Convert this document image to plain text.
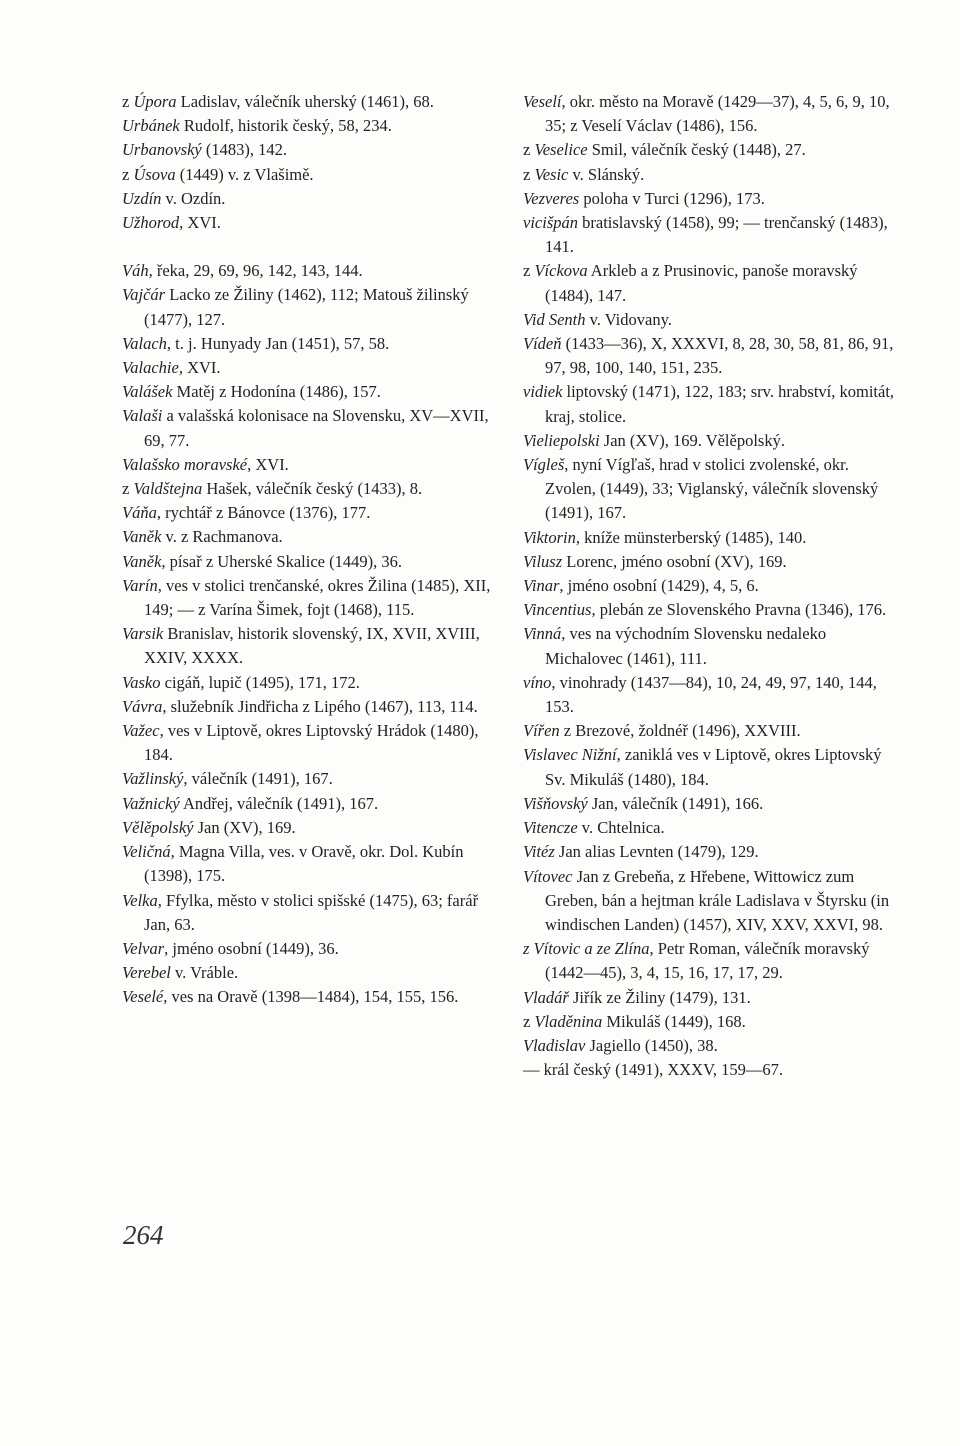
z Úpora Ladislav, válečník uherský (1461), 68.

Urbánek Rudolf, historik český, 58, 234.

Urbanovský (1483), 142.

z Úsova (1449) v. z Vlašimě.

Uzdín v. Ozdín.

Užhorod, XVI.

Váh, řeka, 29, 69, 96, 142, 143, 144.

Vajčár Lacko ze Žiliny (1462), 112; Matouš žilinský (1477), 127.

Valach, t. j. Hunyady Jan (1451), 57, 58.

Valachie, XVI.

Valášek Matěj z Hodonína (1486), 157.

Valaši a valašská kolonisace na Slovensku, XV—XVII, 69, 77.

Valašsko moravské, XVI.

z Valdštejna Hašek, válečník český (1433), 8.

Váňa, rychtář z Bánovce (1376), 177.

Vaněk v. z Rachmanova.

Vaněk, písař z Uherské Skalice (1449), 36.

Varín, ves v stolici trenčanské, okres Žilina (1485), XII, 149; — z Varína Šimek, fojt (1468), 115.

Varsik Branislav, historik slovenský, IX, XVII, XVIII, XXIV, XXXX.

Vasko cigáň, lupič (1495), 171, 172.

Vávra, služebník Jindřicha z Lipého (1467), 113, 114.

Važec, ves v Liptově, okres Liptovský Hrádok (1480), 184.

Važlinský, válečník (1491), 167.

Važnický Andřej, válečník (1491), 167.

Vělěpolský Jan (XV), 169.

Veličná, Magna Villa, ves. v Oravě, okr. Dol. Kubín (1398), 175.

Velka, Ffylka, město v stolici spišské (1475), 63; farář Jan, 63.

Velvar, jméno osobní (1449), 36.

Verebel v. Vráble.

Veselé, ves na Oravě (1398—1484), 154, 155, 156.

Veselí, okr. město na Moravě (1429—37), 4, 5, 6, 9, 10, 35; z Veselí Václav (1486), 156.

z Veselice Smil, válečník český (1448), 27.

z Vesic v. Slánský.

Vezveres poloha v Turci (1296), 173.

vicišpán bratislavský (1458), 99; — trenčanský (1483), 141.

z Víckova Arkleb a z Prusinovic, panoše moravský (1484), 147.

Vid Senth v. Vidovany.

Vídeň (1433—36), X, XXXVI, 8, 28, 30, 58, 81, 86, 91, 97, 98, 100, 140, 151, 235.

vidiek liptovský (1471), 122, 183; srv. hrabství, komitát, kraj, stolice.

Vieliepolski Jan (XV), 169. Vělěpolský.

Vígleš, nyní Vígľaš, hrad v stolici zvolenské, okr. Zvolen, (1449), 33; Viglanský, válečník slovenský (1491), 167.

Viktorin, kníže münsterberský (1485), 140.

Vilusz Lorenc, jméno osobní (XV), 169.

Vinar, jméno osobní (1429), 4, 5, 6.

Vincentius, plebán ze Slovenského Pravna (1346), 176.

Vinná, ves na východním Slovensku nedaleko Michalovec (1461), 111.

víno, vinohrady (1437—84), 10, 24, 49, 97, 140, 144, 153.

Vířen z Brezové, žoldnéř (1496), XXVIII.

Vislavec Nižní, zaniklá ves v Liptově, okres Liptovský Sv. Mikuláš (1480), 184.

Višňovský Jan, válečník (1491), 166.

Vitencze v. Chtelnica.

Vitéz Jan alias Levnten (1479), 129.

Vítovec Jan z Grebeňa, z Hřebene, Wittowicz zum Greben, bán a hejtman krále Ladislava v Štyrsku (in windischen Landen) (1457), XIV, XXV, XXVI, 98.

z Vítovic a ze Zlína, Petr Roman, válečník moravský (1442—45), 3, 4, 15, 16, 17, 17, 29.

Vladář Jiřík ze Žiliny (1479), 131.

z Vladěnina Mikuláš (1449), 168.

Vladislav Jagiello (1450), 38.

— král český (1491), XXXV, 159—67.

264
